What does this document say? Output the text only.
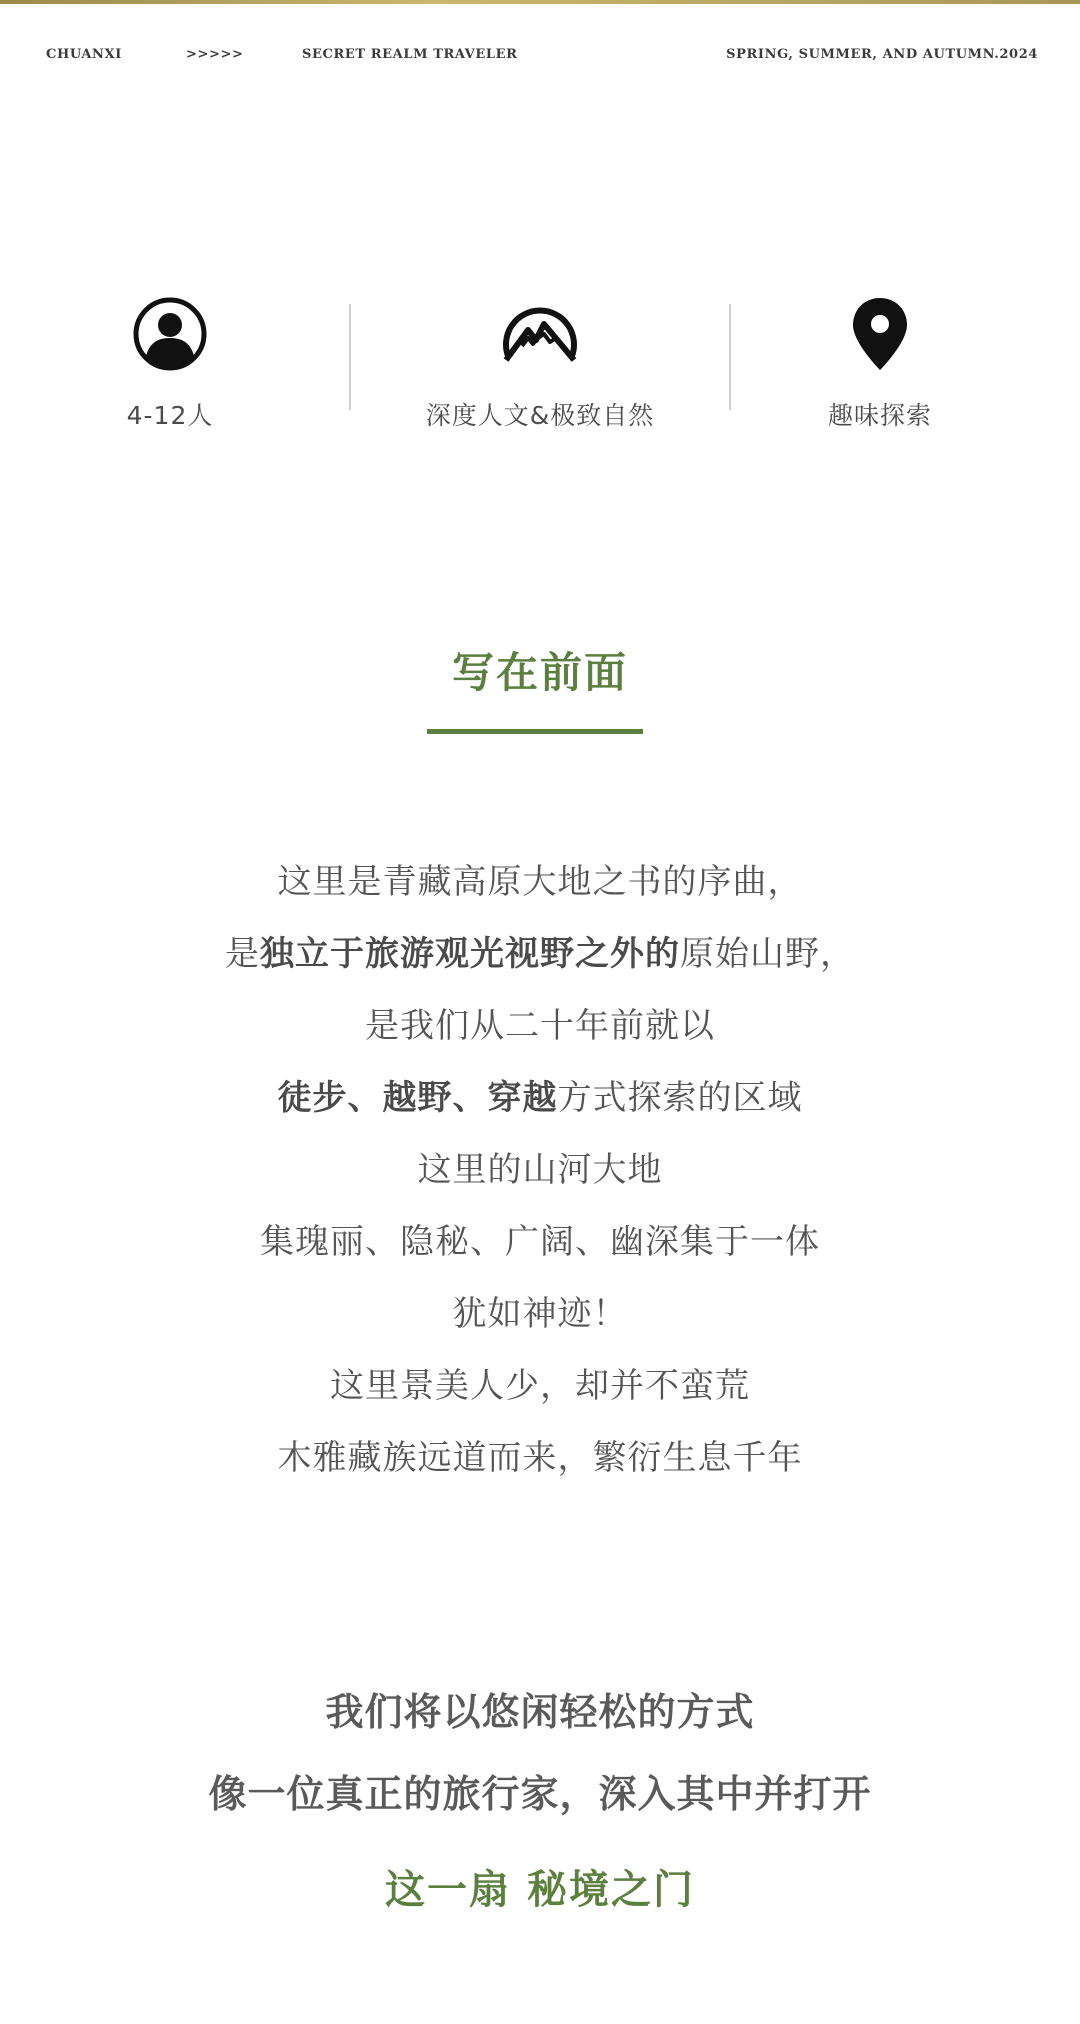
CHUANXI	>>>>>	SECRET REALM TRAVELER	SPRING, SUMMER, AND AUTUMN.2024
4-12人	深度人文&极致自然	趣味探索
写在前面
这里是青藏高原大地之书的序曲，
是独立于旅游观光视野之外的原始山野，
是我们从二十年前就以
徒步、越野、穿越方式探索的区域
这里的山河大地
集瑰丽、隐秘、广阔、幽深集于一体
犹如神迹！
这里景美人少，却并不蛮荒
木雅藏族远道而来，繁衍生息千年
我们将以悠闲轻松的方式
像一位真正的旅行家，深入其中并打开
这一扇 秘境之门
